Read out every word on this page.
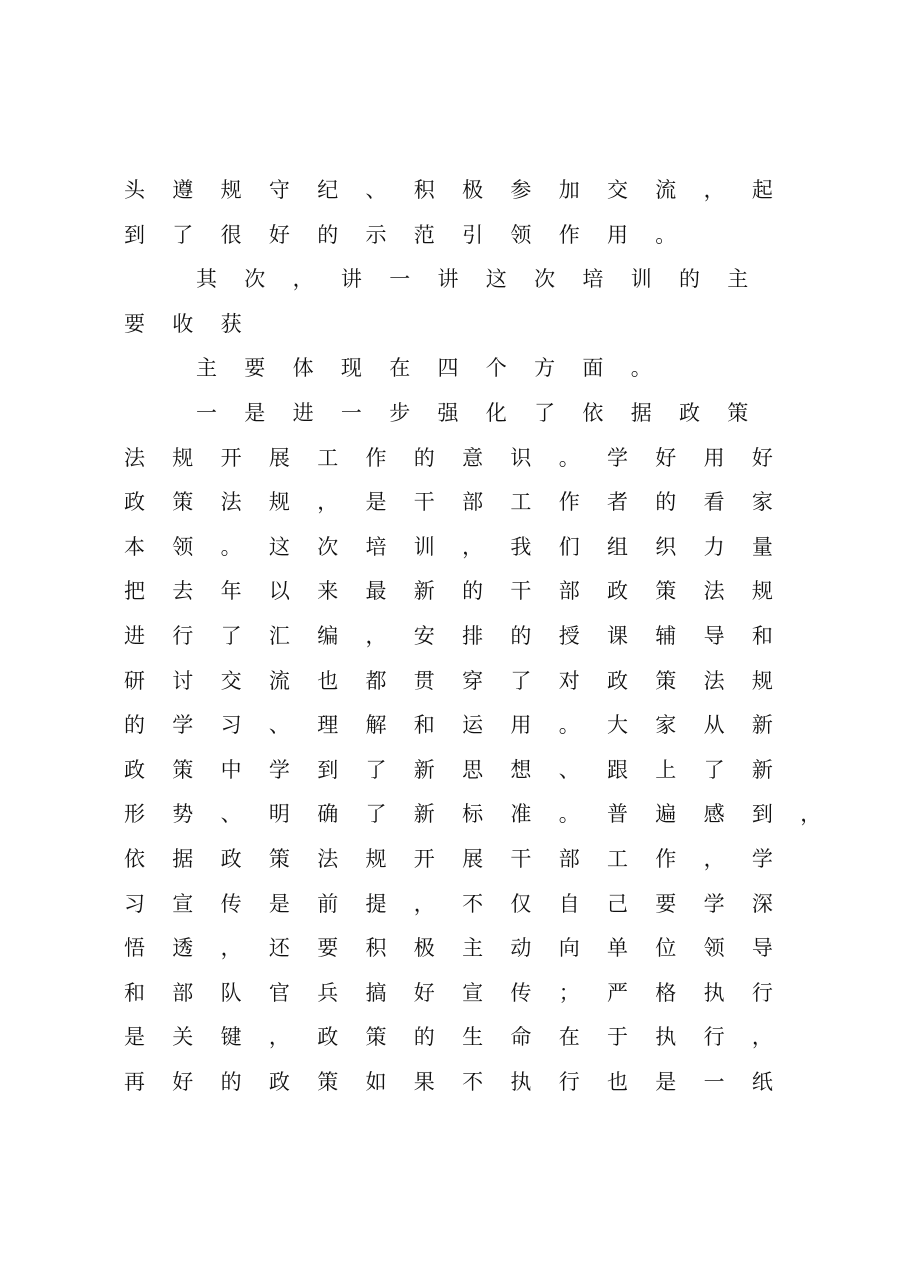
头遵规守纪、积极参加交流，起
到了很好的示范引领作用。
其次，讲一讲这次培训的主
要收获
主要体现在四个方面。
一是进一步强化了依据政策
法规开展工作的意识。学好用好
政策法规，是干部工作者的看家
本领。这次培训，我们组织力量
把去年以来最新的干部政策法规
进行了汇编，安排的授课辅导和
研讨交流也都贯穿了对政策法规
的学习、理解和运用。大家从新
政策中学到了新思想、跟上了新
形势、明确了新标准。普遍感到，
依据政策法规开展干部工作，学
习宣传是前提，不仅自己要学深
悟透，还要积极主动向单位领导
和部队官兵搞好宣传；严格执行
是关键，政策的生命在于执行，
再好的政策如果不执行也是一纸
